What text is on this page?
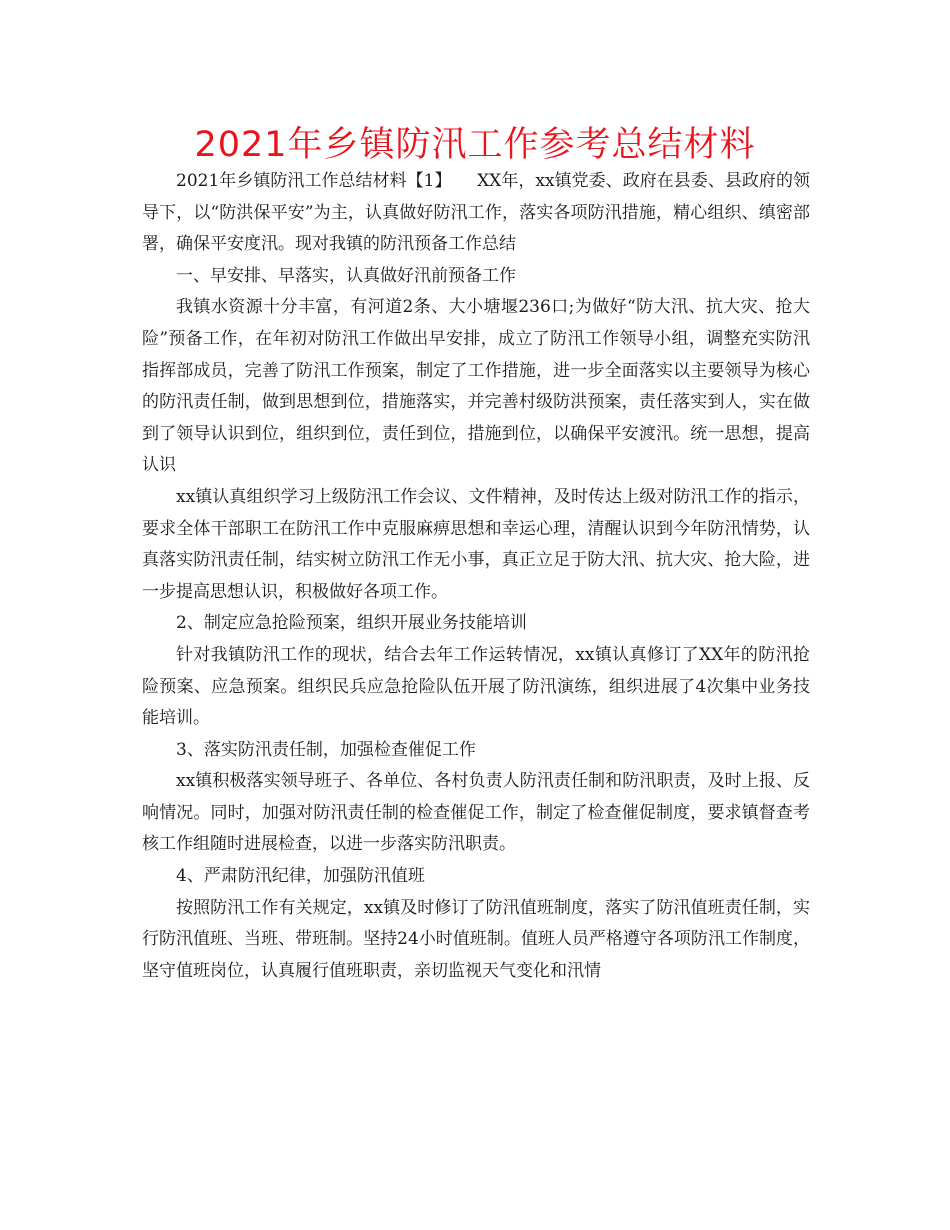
2021年乡镇防汛工作参考总结材料

2021年乡镇防汛工作总结材料【1】　　XX年，xx镇党委、政府在县委、县政府的领导下，以“防洪保平安”为主，认真做好防汛工作，落实各项防汛措施，精心组织、缜密部署，确保平安度汛。现对我镇的防汛预备工作总结

一、早安排、早落实，认真做好汛前预备工作

我镇水资源十分丰富，有河道2条、大小塘堰236口;为做好“防大汛、抗大灾、抢大险”预备工作，在年初对防汛工作做出早安排，成立了防汛工作领导小组，调整充实防汛指挥部成员，完善了防汛工作预案，制定了工作措施，进一步全面落实以主要领导为核心的防汛责任制，做到思想到位，措施落实，并完善村级防洪预案，责任落实到人，实在做到了领导认识到位，组织到位，责任到位，措施到位，以确保平安渡汛。统一思想，提高认识

xx镇认真组织学习上级防汛工作会议、文件精神，及时传达上级对防汛工作的指示，要求全体干部职工在防汛工作中克服麻痹思想和幸运心理，清醒认识到今年防汛情势，认真落实防汛责任制，结实树立防汛工作无小事，真正立足于防大汛、抗大灾、抢大险，进一步提高思想认识，积极做好各项工作。

2、制定应急抢险预案，组织开展业务技能培训

针对我镇防汛工作的现状，结合去年工作运转情况，xx镇认真修订了XX年的防汛抢险预案、应急预案。组织民兵应急抢险队伍开展了防汛演练，组织进展了4次集中业务技能培训。

3、落实防汛责任制，加强检查催促工作

xx镇积极落实领导班子、各单位、各村负责人防汛责任制和防汛职责，及时上报、反响情况。同时，加强对防汛责任制的检查催促工作，制定了检查催促制度，要求镇督查考核工作组随时进展检查，以进一步落实防汛职责。

4、严肃防汛纪律，加强防汛值班

按照防汛工作有关规定，xx镇及时修订了防汛值班制度，落实了防汛值班责任制，实行防汛值班、当班、带班制。坚持24小时值班制。值班人员严格遵守各项防汛工作制度，坚守值班岗位，认真履行值班职责，亲切监视天气变化和汛情
